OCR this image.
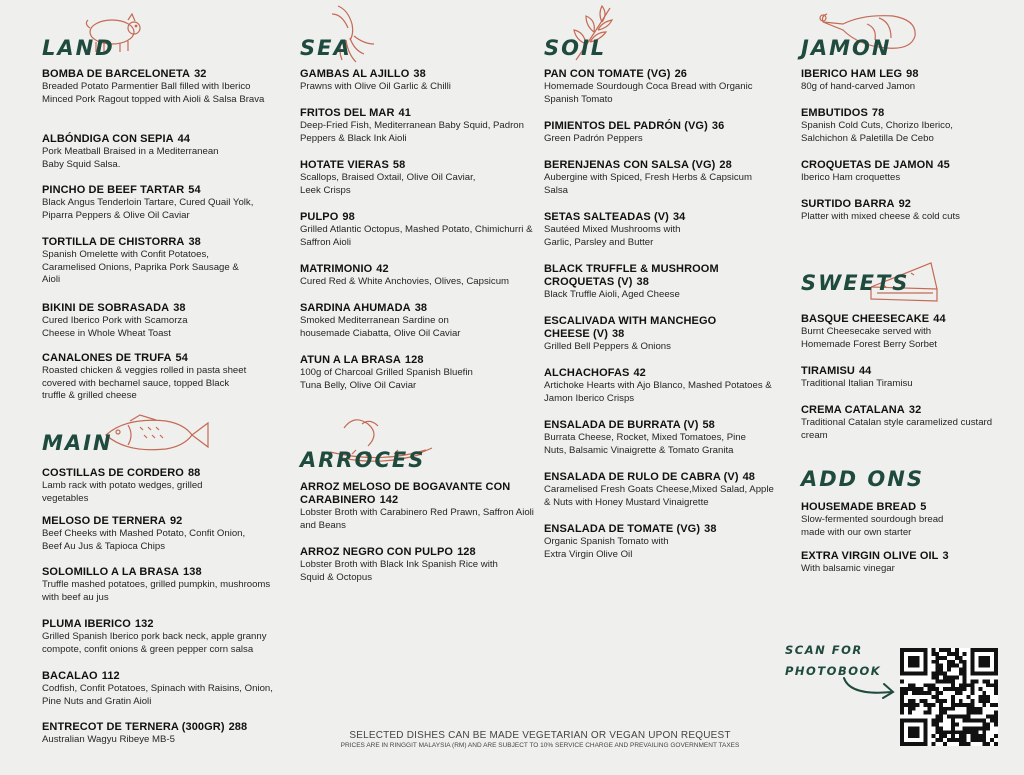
LAND
BOMBA DE BARCELONETA 32
Breaded Potato Parmentier Ball filled with Iberico Minced Pork Ragout topped with Aioli & Salsa Brava
ALBÓNDIGA CON SEPIA 44
Pork Meatball Braised in a Mediterranean Baby Squid Salsa.
PINCHO DE BEEF TARTAR 54
Black Angus Tenderloin Tartare, Cured Quail Yolk, Piparra Peppers & Olive Oil Caviar
TORTILLA DE CHISTORRA 38
Spanish Omelette with Confit Potatoes, Caramelised Onions, Paprika Pork Sausage & Aioli
BIKINI DE SOBRASADA 38
Cured Iberico Pork with Scamorza Cheese in Whole Wheat Toast
CANALONES DE TRUFA 54
Roasted chicken & veggies rolled in pasta sheet covered with bechamel sauce, topped Black truffle & grilled cheese
MAIN
COSTILLAS DE CORDERO 88
Lamb rack with potato wedges, grilled vegetables
MELOSO DE TERNERA 92
Beef Cheeks with Mashed Potato, Confit Onion, Beef Au Jus & Tapioca Chips
SOLOMILLO A LA BRASA 138
Truffle mashed potatoes, grilled pumpkin, mushrooms with beef au jus
PLUMA IBERICO 132
Grilled Spanish Iberico pork back neck, apple granny compote, confit onions & green pepper corn salsa
BACALAO 112
Codfish, Confit Potatoes, Spinach with Raisins, Onion, Pine Nuts and Gratin Aioli
ENTRECOT DE TERNERA (300GR) 288
Australian Wagyu Ribeye MB-5
SEA
GAMBAS AL AJILLO 38
Prawns with Olive Oil Garlic & Chilli
FRITOS DEL MAR 41
Deep-Fried Fish, Mediterranean Baby Squid, Padron Peppers & Black Ink Aioli
HOTATE VIERAS 58
Scallops, Braised Oxtail, Olive Oil Caviar, Leek Crisps
PULPO 98
Grilled Atlantic Octopus, Mashed Potato, Chimichurri & Saffron Aioli
MATRIMONIO 42
Cured Red & White Anchovies, Olives, Capsicum
SARDINA AHUMADA 38
Smoked Mediterranean Sardine on housemade Ciabatta, Olive Oil Caviar
ATUN A LA BRASA 128
100g of Charcoal Grilled Spanish Bluefin Tuna Belly, Olive Oil Caviar
ARROCES
ARROZ MELOSO DE BOGAVANTE CON CARABINERO 142
Lobster Broth with Carabinero Red Prawn, Saffron Aioli and Beans
ARROZ NEGRO CON PULPO 128
Lobster Broth with Black Ink Spanish Rice with Squid & Octopus
SOIL
PAN CON TOMATE (VG) 26
Homemade Sourdough Coca Bread with Organic Spanish Tomato
PIMIENTOS DEL PADRÓN (VG) 36
Green Padrón Peppers
BERENJENAS CON SALSA (VG) 28
Aubergine with Spiced, Fresh Herbs & Capsicum Salsa
SETAS SALTEADAS (V) 34
Sautéed Mixed Mushrooms with Garlic, Parsley and Butter
BLACK TRUFFLE & MUSHROOM CROQUETAS (V) 38
Black Truffle Aioli, Aged Cheese
ESCALIVADA WITH MANCHEGO CHEESE (V) 38
Grilled Bell Peppers & Onions
ALCHACHOFAS 42
Artichoke Hearts with Ajo Blanco, Mashed Potatoes & Jamon Iberico Crisps
ENSALADA DE BURRATA (V) 58
Burrata Cheese, Rocket, Mixed Tomatoes, Pine Nuts, Balsamic Vinaigrette & Tomato Granita
ENSALADA DE RULO DE CABRA (V) 48
Caramelised Fresh Goats Cheese,Mixed Salad, Apple & Nuts with Honey Mustard Vinaigrette
ENSALADA DE TOMATE (VG) 38
Organic Spanish Tomato with Extra Virgin Olive Oil
JAMON
IBERICO HAM LEG 98
80g of hand-carved Jamon
EMBUTIDOS 78
Spanish Cold Cuts, Chorizo Iberico, Salchichon & Paletilla De Cebo
CROQUETAS DE JAMON 45
Iberico Ham croquettes
SURTIDO BARRA 92
Platter with mixed cheese & cold cuts
SWEETS
BASQUE CHEESECAKE 44
Burnt Cheesecake served with Homemade Forest Berry Sorbet
TIRAMISU 44
Traditional Italian Tiramisu
CREMA CATALANA 32
Traditional Catalan style caramelized custard cream
ADD ONS
HOUSEMADE BREAD 5
Slow-fermented sourdough bread made with our own starter
EXTRA VIRGIN OLIVE OIL 3
With balsamic vinegar
SCAN FOR
PHOTOBOOK
SELECTED DISHES CAN BE MADE VEGETARIAN OR VEGAN UPON REQUEST
PRICES ARE IN RINGGIT MALAYSIA (RM) AND ARE SUBJECT TO 10% SERVICE CHARGE AND PREVAILING GOVERNMENT TAXES
